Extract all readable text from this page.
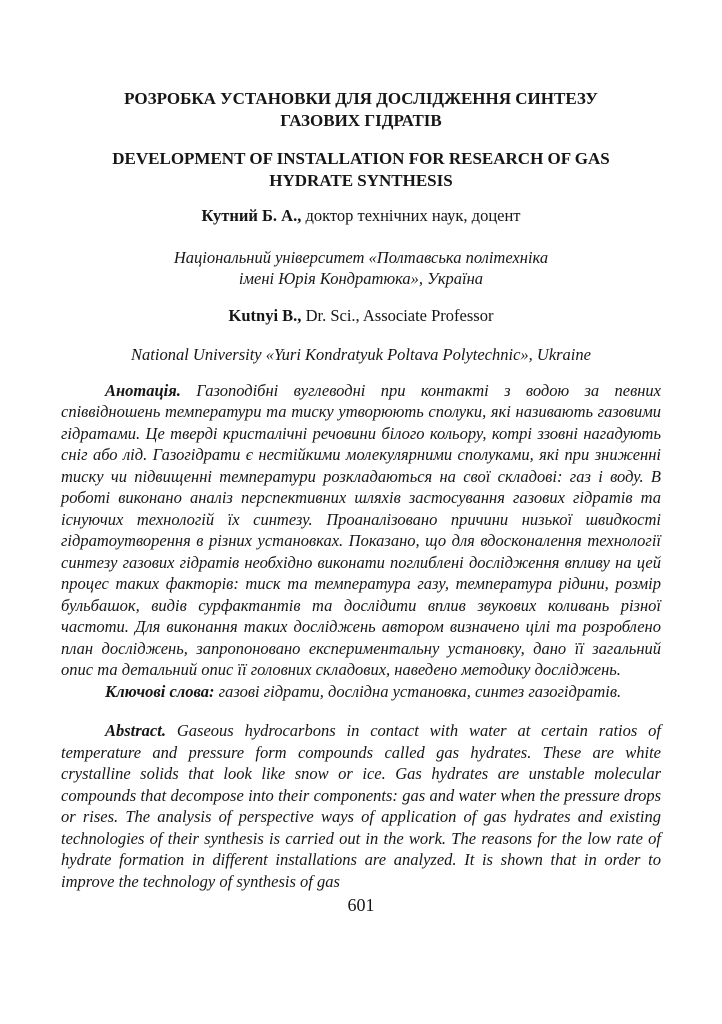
РОЗРОБКА УСТАНОВКИ ДЛЯ ДОСЛІДЖЕННЯ СИНТЕЗУ
ГАЗОВИХ ГІДРАТІВ
DEVELOPMENT OF INSTALLATION FOR RESEARCH OF GAS
HYDRATE SYNTHESIS
Кутний Б. А., доктор технічних наук, доцент
Національний університет «Полтавська політехніка
імені Юрія Кондратюка», Україна
Kutnyi B., Dr. Sci., Associate Professor
National University «Yuri Kondratyuk Poltava Polytechnic», Ukraine

Анотація. Газоподібні вуглеводні при контакті з водою за певних співвідношень температури та тиску утворюють сполуки, які називають газовими гідратами. Це тверді кристалічні речовини білого кольору, котрі ззовні нагадують сніг або лід. Газогідрати є нестійкими молекулярними сполуками, які при зниженні тиску чи підвищенні температури розкладаються на свої складові: газ і воду. В роботі виконано аналіз перспективних шляхів застосування газових гідратів та існуючих технологій їх синтезу. Проаналізовано причини низької швидкості гідратоутворення в різних установках. Показано, що для вдосконалення технології синтезу газових гідратів необхідно виконати поглиблені дослідження впливу на цей процес таких факторів: тиск та температура газу, температура рідини, розмір бульбашок, видів сурфактантів та дослідити вплив звукових коливань різної частоти. Для виконання таких досліджень автором визначено цілі та розроблено план досліджень, запропоновано експериментальну установку, дано її загальний опис та детальний опис її головних складових, наведено методику досліджень.

Ключові слова: газові гідрати, дослідна установка, синтез газогідратів.

Abstract. Gaseous hydrocarbons in contact with water at certain ratios of temperature and pressure form compounds called gas hydrates. These are white crystalline solids that look like snow or ice. Gas hydrates are unstable molecular compounds that decompose into their components: gas and water when the pressure drops or rises. The analysis of perspective ways of application of gas hydrates and existing technologies of their synthesis is carried out in the work. The reasons for the low rate of hydrate formation in different installations are analyzed. It is shown that in order to improve the technology of synthesis of gas

601
